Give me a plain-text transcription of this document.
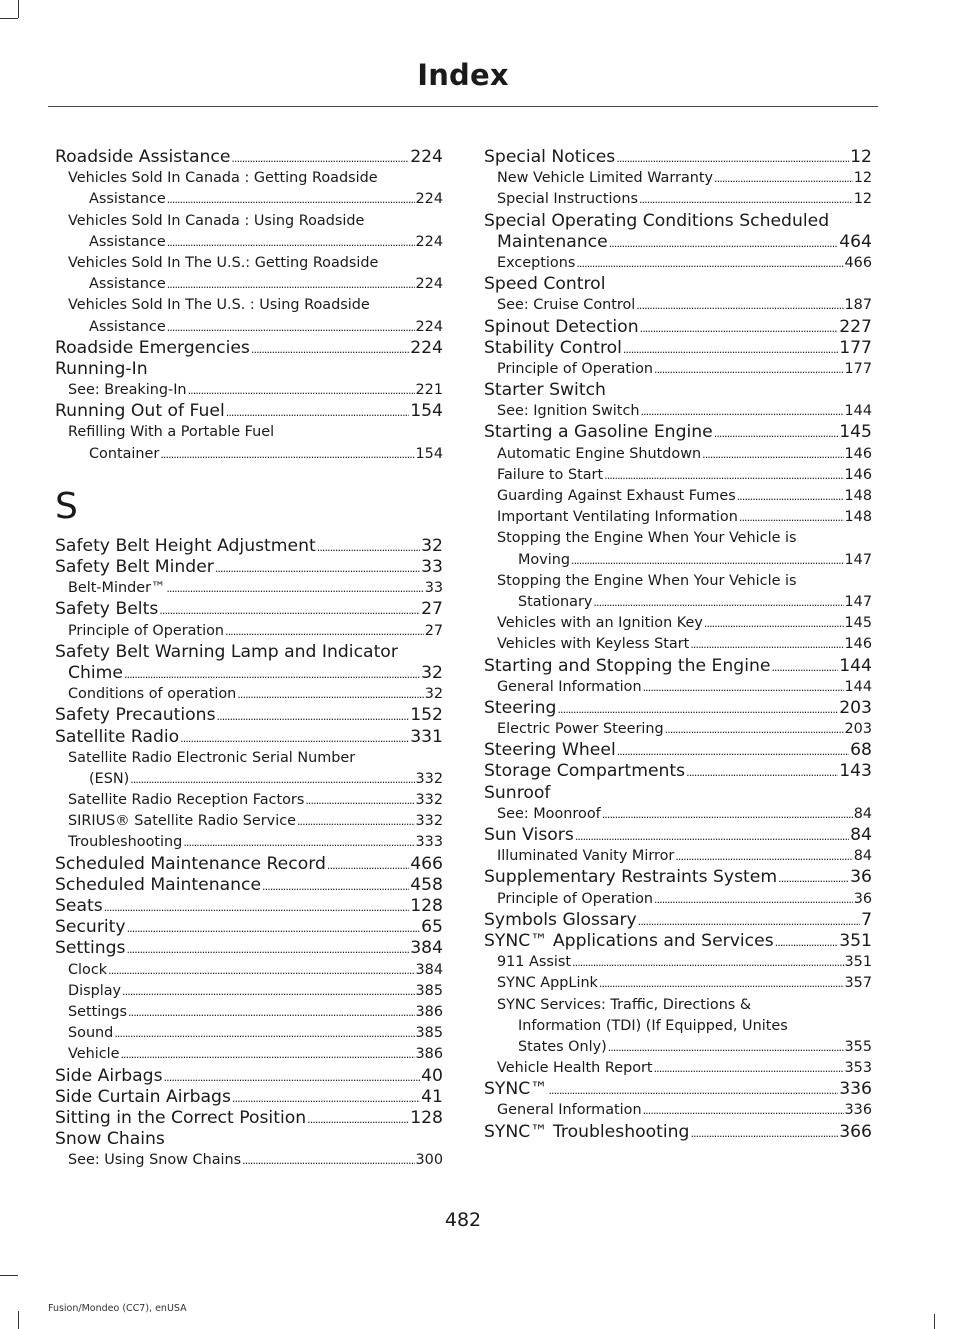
Index
Roadside Assistance . . .	224
Vehicles Sold In Canada : Getting Roadside
Assistance . . .	224
Vehicles Sold In Canada : Using Roadside
Assistance . . .	224
Vehicles Sold In The U.S.: Getting Roadside
Assistance . . .	224
Vehicles Sold In The U.S. : Using Roadside
Assistance . . .	224
Roadside Emergencies . . .	224
Running-In
See: Breaking-In . . .	221
Running Out of Fuel . . .	154
Refilling With a Portable Fuel
Container . . .	154
S
Safety Belt Height Adjustment . . .	32
Safety Belt Minder . . .	33
Belt-Minder™ . . .	33
Safety Belts . . .	27
Principle of Operation . . .	27
Safety Belt Warning Lamp and Indicator
Chime . . .	32
Conditions of operation . . .	32
Safety Precautions . . .	152
Satellite Radio . . .	331
Satellite Radio Electronic Serial Number
(ESN) . . .	332
Satellite Radio Reception Factors . . .	332
SIRIUS® Satellite Radio Service . . .	332
Troubleshooting . . .	333
Scheduled Maintenance Record . . .	466
Scheduled Maintenance . . .	458
Seats . . .	128
Security . . .	65
Settings . . .	384
Clock . . .	384
Display . . .	385
Settings . . .	386
Sound . . .	385
Vehicle . . .	386
Side Airbags . . .	40
Side Curtain Airbags . . .	41
Sitting in the Correct Position . . .	128
Snow Chains
See: Using Snow Chains . . .	300
Special Notices . . .	12
New Vehicle Limited Warranty . . .	12
Special Instructions . . .	12
Special Operating Conditions Scheduled
Maintenance . . .	464
Exceptions . . .	466
Speed Control
See: Cruise Control . . .	187
Spinout Detection . . .	227
Stability Control . . .	177
Principle of Operation . . .	177
Starter Switch
See: Ignition Switch . . .	144
Starting a Gasoline Engine . . .	145
Automatic Engine Shutdown . . .	146
Failure to Start . . .	146
Guarding Against Exhaust Fumes . . .	148
Important Ventilating Information . . .	148
Stopping the Engine When Your Vehicle is
Moving . . .	147
Stopping the Engine When Your Vehicle is
Stationary . . .	147
Vehicles with an Ignition Key . . .	145
Vehicles with Keyless Start . . .	146
Starting and Stopping the Engine . . .	144
General Information . . .	144
Steering . . .	203
Electric Power Steering . . .	203
Steering Wheel . . .	68
Storage Compartments . . .	143
Sunroof
See: Moonroof . . .	84
Sun Visors . . .	84
Illuminated Vanity Mirror . . .	84
Supplementary Restraints System . . .	36
Principle of Operation . . .	36
Symbols Glossary . . .	7
SYNC™ Applications and Services . . .	351
911 Assist . . .	351
SYNC AppLink . . .	357
SYNC Services: Traffic, Directions &
Information (TDI) (If Equipped, Unites
States Only) . . .	355
Vehicle Health Report . . .	353
SYNC™ . . .	336
General Information . . .	336
SYNC™ Troubleshooting . . .	366
482
Fusion/Mondeo (CC7), enUSA
